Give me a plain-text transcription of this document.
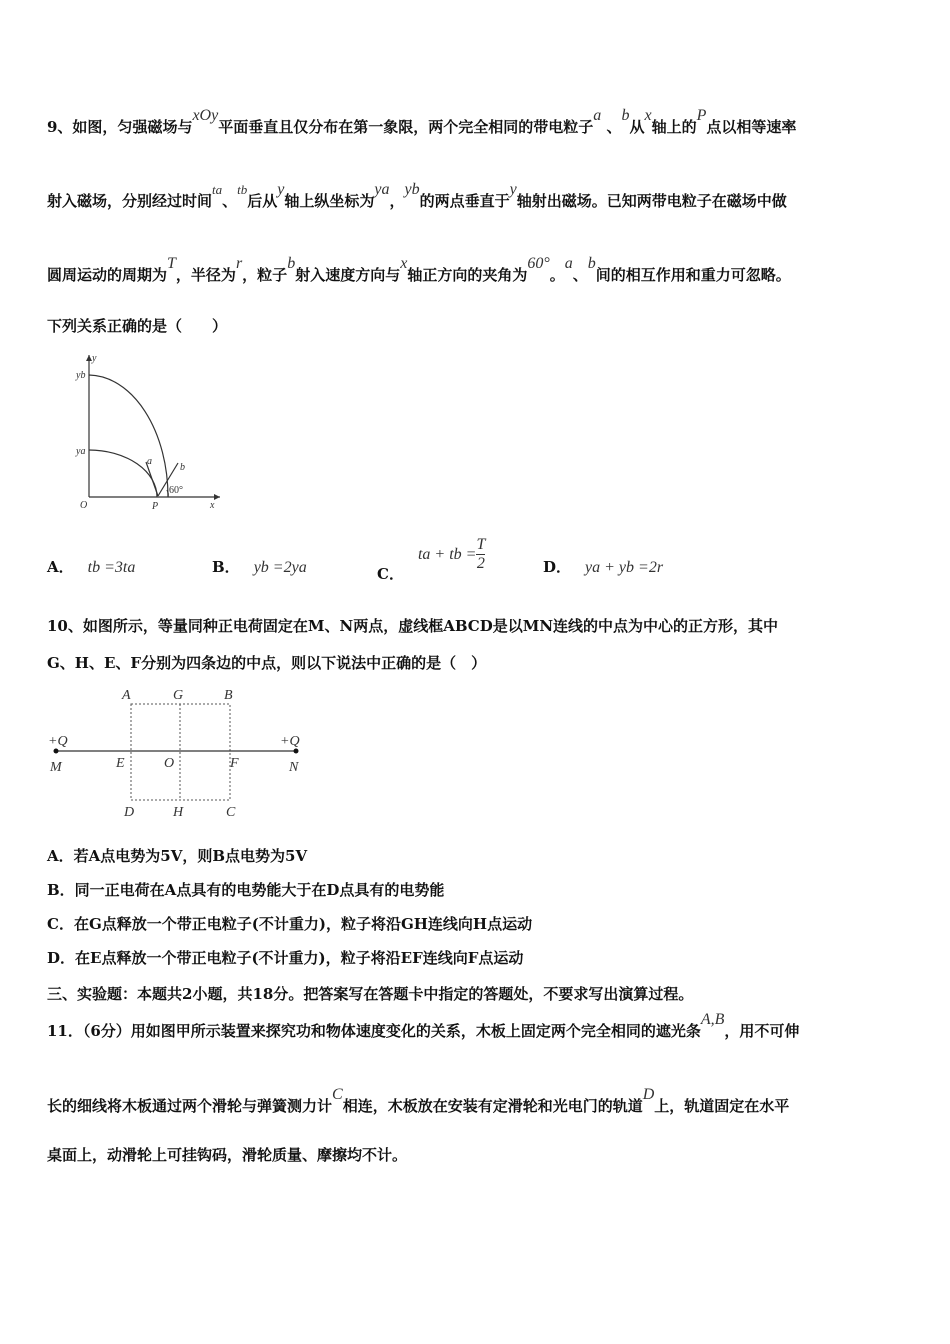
9、如图，匀强磁场与xOy平面垂直且仅分布在第一象限，两个完全相同的带电粒子a 、b从x轴上的P点以相等速率
射入磁场，分别经过时间ta、tb后从y轴上纵坐标为ya，yb的两点垂直于y轴射出磁场。已知两带电粒子在磁场中做
圆周运动的周期为T，半径为r，粒子b射入速度方向与x轴正方向的夹角为60°。a、b间的相互作用和重力可忽略。
下列关系正确的是（　　）
y
yb
ya
O	P	x
a
b
60°
A． tb =3ta	B． yb =2ya	C．ta + tb = $\frac{T}{2}$	D． ya + yb =2r
10、如图所示，等量同种正电荷固定在M、N两点，虚线框ABCD是以MN连线的中点为中心的正方形，其中
G、H、E、F分别为四条边的中点，则以下说法中正确的是（　）
A	G	B
+Q	+Q
M	E	O	F	N
D	H	C
A．若A点电势为5V，则B点电势为5V
B．同一正电荷在A点具有的电势能大于在D点具有的电势能
C．在G点释放一个带正电粒子(不计重力)，粒子将沿GH连线向H点运动
D．在E点释放一个带正电粒子(不计重力)，粒子将沿EF连线向F点运动
三、实验题：本题共2小题，共18分。把答案写在答题卡中指定的答题处，不要求写出演算过程。
11．（6分）用如图甲所示装置来探究功和物体速度变化的关系，木板上固定两个完全相同的遮光条A,B，用不可伸
长的细线将木板通过两个滑轮与弹簧测力计C相连，木板放在安装有定滑轮和光电门的轨道D上，轨道固定在水平
桌面上，动滑轮上可挂钩码，滑轮质量、摩擦均不计。
